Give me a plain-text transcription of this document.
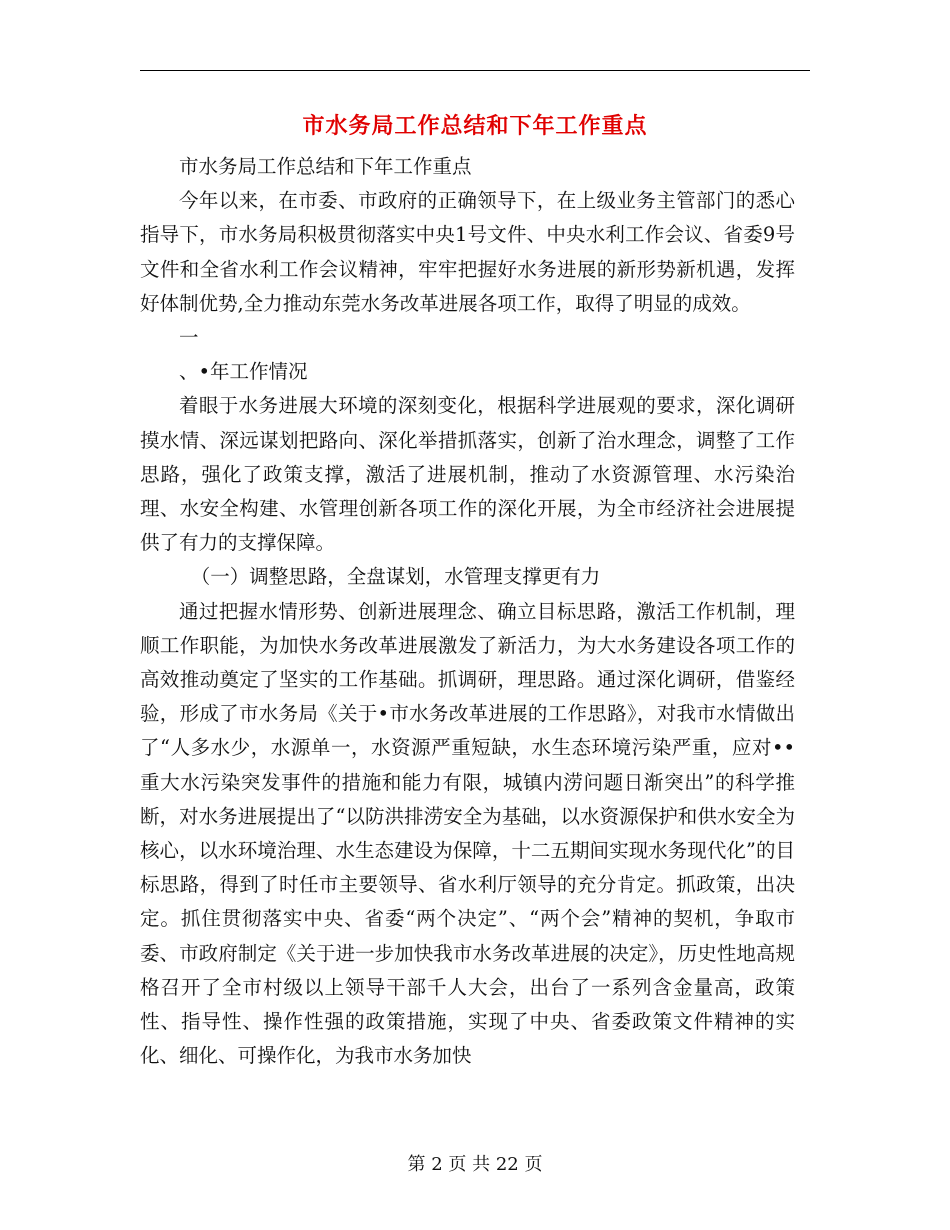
市水务局工作总结和下年工作重点

市水务局工作总结和下年工作重点

今年以来，在市委、市政府的正确领导下，在上级业务主管部门的悉心指导下，市水务局积极贯彻落实中央1号文件、中央水利工作会议、省委9号文件和全省水利工作会议精神，牢牢把握好水务进展的新形势新机遇，发挥好体制优势,全力推动东莞水务改革进展各项工作，取得了明显的成效。

一

、•年工作情况

着眼于水务进展大环境的深刻变化，根据科学进展观的要求，深化调研摸水情、深远谋划把路向、深化举措抓落实，创新了治水理念，调整了工作思路，强化了政策支撑，激活了进展机制，推动了水资源管理、水污染治理、水安全构建、水管理创新各项工作的深化开展，为全市经济社会进展提供了有力的支撑保障。

（一）调整思路，全盘谋划，水管理支撑更有力

通过把握水情形势、创新进展理念、确立目标思路，激活工作机制，理顺工作职能，为加快水务改革进展激发了新活力，为大水务建设各项工作的高效推动奠定了坚实的工作基础。抓调研，理思路。通过深化调研，借鉴经验，形成了市水务局《关于•市水务改革进展的工作思路》，对我市水情做出了“人多水少，水源单一，水资源严重短缺，水生态环境污染严重，应对••重大水污染突发事件的措施和能力有限，城镇内涝问题日渐突出”的科学推断，对水务进展提出了“以防洪排涝安全为基础，以水资源保护和供水安全为核心，以水环境治理、水生态建设为保障，十二五期间实现水务现代化”的目标思路，得到了时任市主要领导、省水利厅领导的充分肯定。抓政策，出决定。抓住贯彻落实中央、省委“两个决定”、“两个会”精神的契机，争取市委、市政府制定《关于进一步加快我市水务改革进展的决定》，历史性地高规格召开了全市村级以上领导干部千人大会，出台了一系列含金量高，政策性、指导性、操作性强的政策措施，实现了中央、省委政策文件精神的实化、细化、可操作化，为我市水务加快

第 2 页 共 22 页
